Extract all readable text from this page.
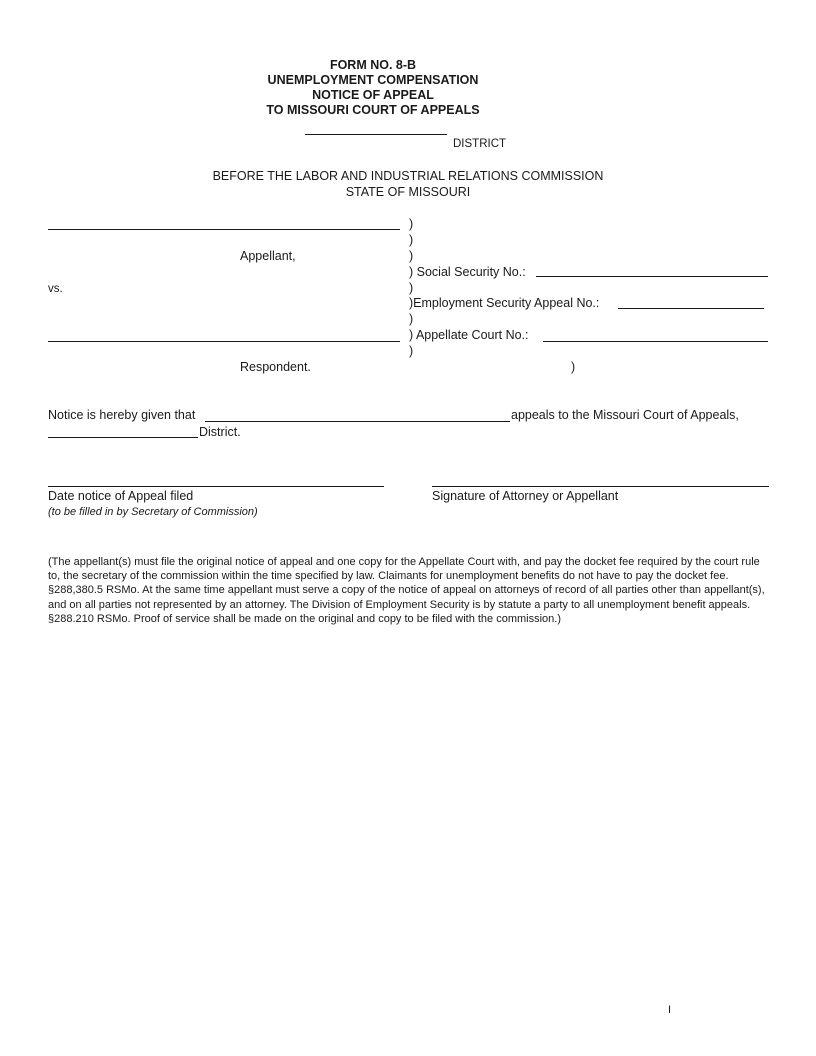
FORM NO. 8-B
UNEMPLOYMENT COMPENSATION
NOTICE OF APPEAL
TO MISSOURI COURT OF APPEALS
DISTRICT
BEFORE THE LABOR AND INDUSTRIAL RELATIONS COMMISSION
STATE OF MISSOURI
Appellant,
vs.
Respondent.
)
)
)
)
)
)
)
) Social Security No.:
)Employment Security Appeal No.:
) Appellate Court No.:
Notice is hereby given that	appeals to the Missouri Court of Appeals,
District.
Date notice of Appeal filed
(to be filled in by Secretary of Commission)
Signature of Attorney or Appellant
(The appellant(s) must file the original notice of appeal and one copy for the Appellate Court with, and pay the docket fee required by the court rule to, the secretary of the commission within the time specified by law. Claimants for unemployment benefits do not have to pay the docket fee. §288,380.5 RSMo. At the same time appellant must serve a copy of the notice of appeal on attorneys of record of all parties other than appellant(s), and on all parties not represented by an attorney. The Division of Employment Security is by statute a party to all unemployment benefit appeals. §288.210 RSMo. Proof of service shall be made on the original and copy to be filed with the commission.)
I
